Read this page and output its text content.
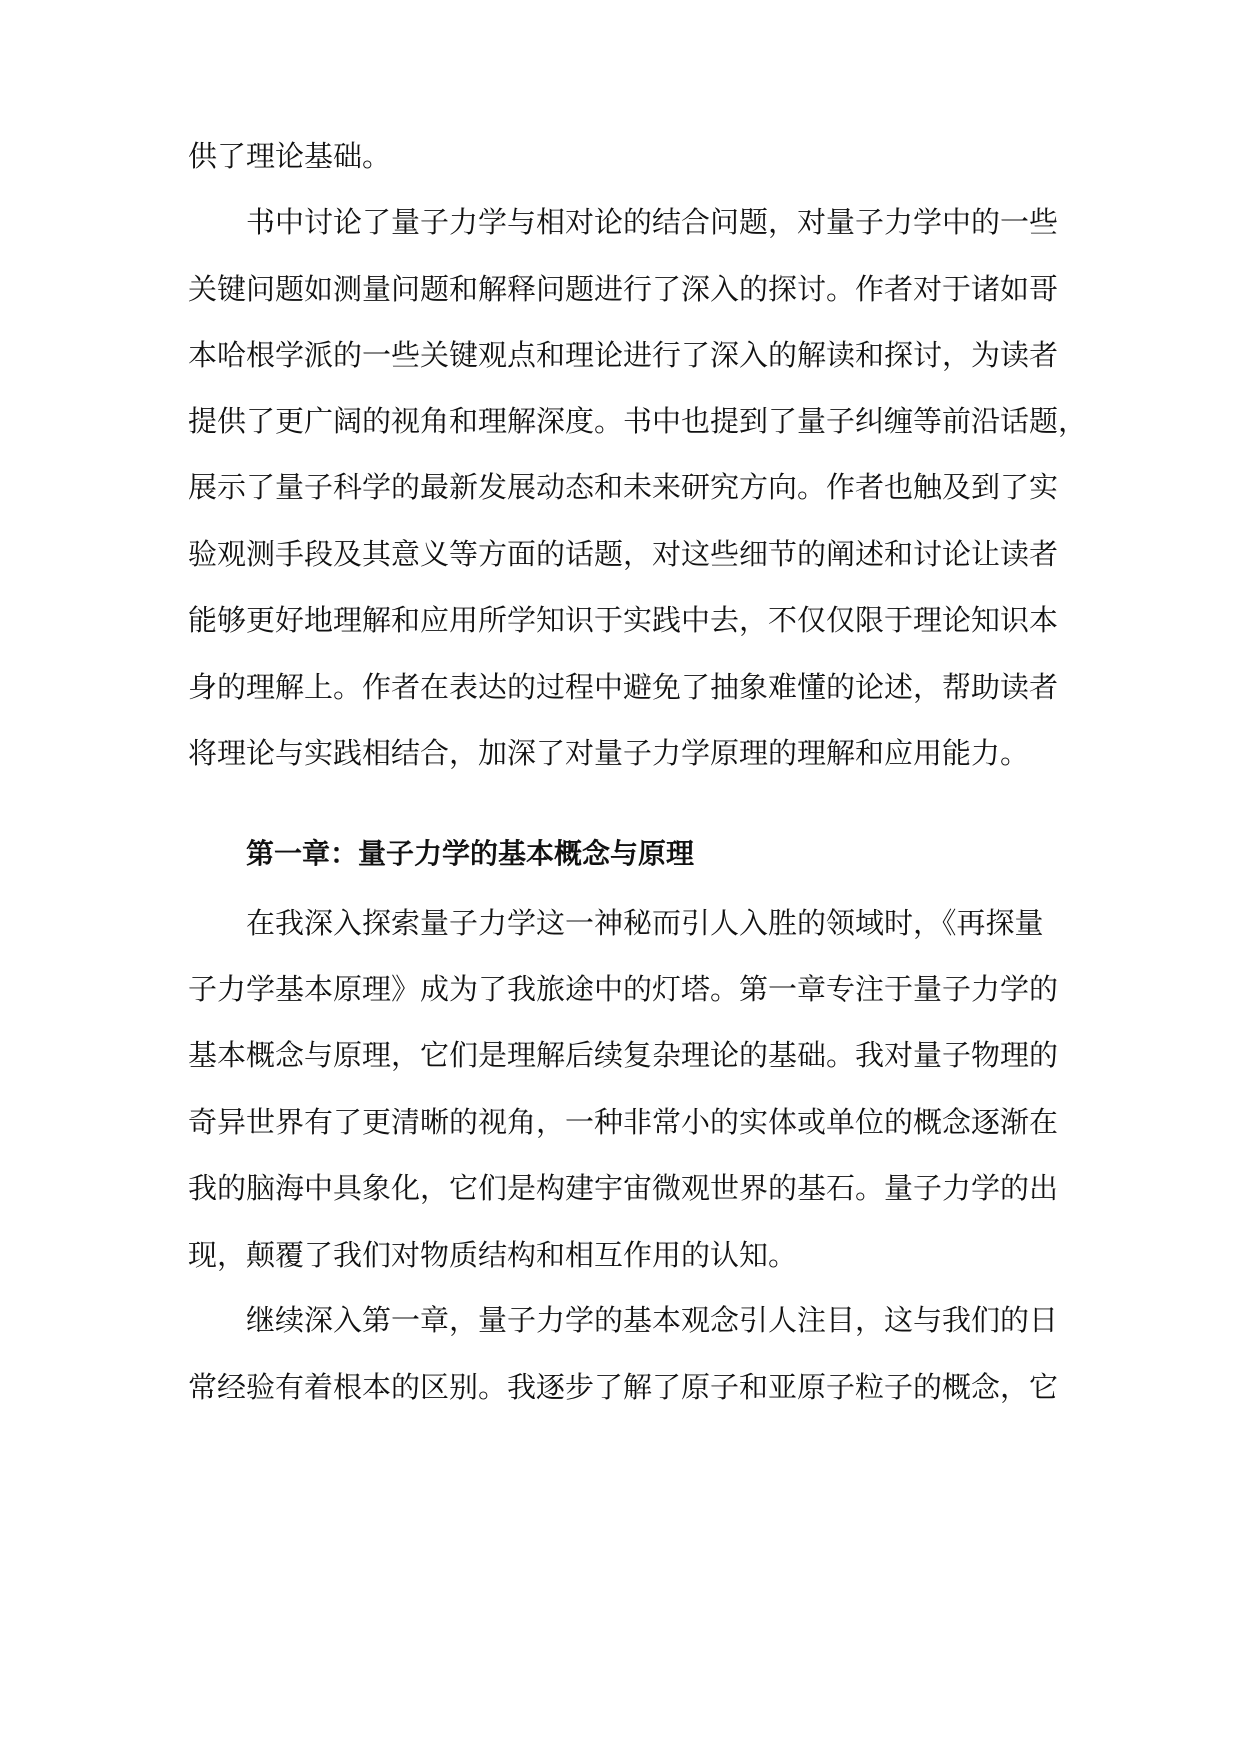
供了理论基础。
书中讨论了量子力学与相对论的结合问题，对量子力学中的一些
关键问题如测量问题和解释问题进行了深入的探讨。作者对于诸如哥
本哈根学派的一些关键观点和理论进行了深入的解读和探讨，为读者
提供了更广阔的视角和理解深度。书中也提到了量子纠缠等前沿话题，
展示了量子科学的最新发展动态和未来研究方向。作者也触及到了实
验观测手段及其意义等方面的话题，对这些细节的阐述和讨论让读者
能够更好地理解和应用所学知识于实践中去，不仅仅限于理论知识本
身的理解上。作者在表达的过程中避免了抽象难懂的论述，帮助读者
将理论与实践相结合，加深了对量子力学原理的理解和应用能力。
第一章：量子力学的基本概念与原理
在我深入探索量子力学这一神秘而引人入胜的领域时，《再探量
子力学基本原理》成为了我旅途中的灯塔。第一章专注于量子力学的
基本概念与原理，它们是理解后续复杂理论的基础。我对量子物理的
奇异世界有了更清晰的视角，一种非常小的实体或单位的概念逐渐在
我的脑海中具象化，它们是构建宇宙微观世界的基石。量子力学的出
现，颠覆了我们对物质结构和相互作用的认知。
继续深入第一章，量子力学的基本观念引人注目，这与我们的日
常经验有着根本的区别。我逐步了解了原子和亚原子粒子的概念，它
